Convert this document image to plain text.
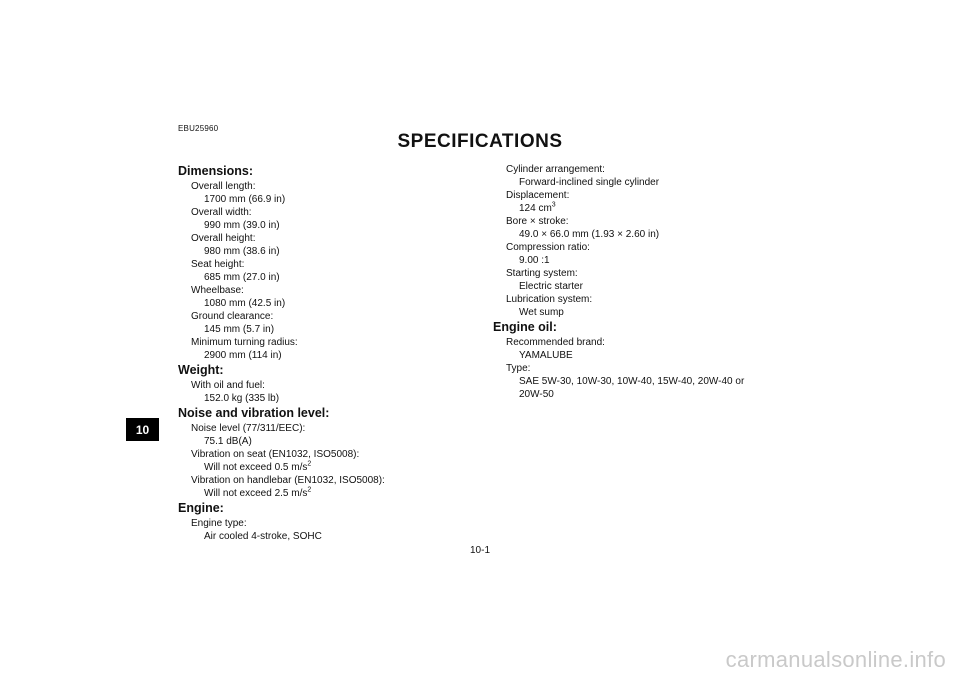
EBU25960
SPECIFICATIONS
10
Dimensions:
Overall length:
1700 mm (66.9 in)
Overall width:
990 mm (39.0 in)
Overall height:
980 mm (38.6 in)
Seat height:
685 mm (27.0 in)
Wheelbase:
1080 mm (42.5 in)
Ground clearance:
145 mm (5.7 in)
Minimum turning radius:
2900 mm (114 in)
Weight:
With oil and fuel:
152.0 kg (335 lb)
Noise and vibration level:
Noise level (77/311/EEC):
75.1 dB(A)
Vibration on seat (EN1032, ISO5008):
Will not exceed 0.5 $m/s^2$
Vibration on handlebar (EN1032, ISO5008):
Will not exceed 2.5 $m/s^2$
Engine:
Engine type:
Air cooled 4-stroke, SOHC
Cylinder arrangement:
Forward-inclined single cylinder
Displacement:
124 $cm^3$
Bore × stroke:
49.0 × 66.0 mm (1.93 × 2.60 in)
Compression ratio:
9.00 :1
Starting system:
Electric starter
Lubrication system:
Wet sump
Engine oil:
Recommended brand:
YAMALUBE
Type:
SAE 5W-30, 10W-30, 10W-40, 15W-40, 20W-40 or
20W-50
10-1
carmanualsonline.info
